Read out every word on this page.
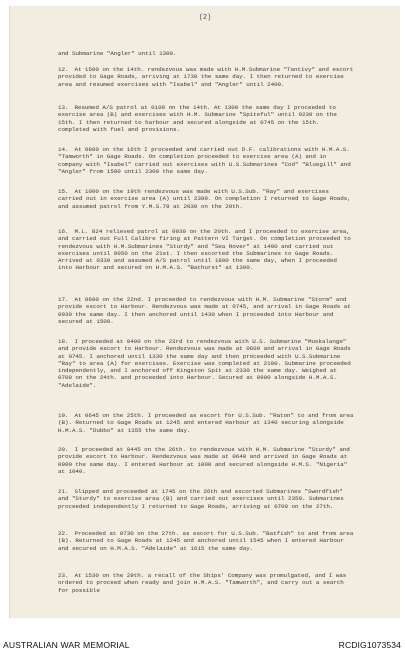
(2)

and Submarine "Angler" until 1300.

12. At 1500 on the 14th. rendezvous was made with H.M.Submarine "Tantivy" and escort provided to Gage Roads, arriving at 1730 the same day. I then returned to exercise area and resumed exercises with "Isabel" and "Angler" until 2400.

13. Resumed A/S patrol at 0100 on the 14th. At 1300 the same day I proceeded to exercise area (B) and exercises with H.M. Submarine "Spiteful" until 0230 on the 15th. I then returned to harbour and secured alongside at 0745 on the 15th. completed with fuel and provisions.

14. At 0800 on the 16th I proceeded and carried out D.F. calibrations with H.M.A.S. "Tamworth" in Gage Roads. On completion proceeded to exercise area (A) and in company with "Isabel" carried out exercises with U.S.Submarines "Cod" "Bluegill" and "Angler" from 1500 until 2300 the same day.

15. At 1000 on the 19th rendezvous was made with U.S.Sub. "Ray" and exercises carried out in exercise area (A) until 2300. On completion I returned to Gage Roads, and assumed patrol from Y.M.S.79 at 2030 on the 20th.

16. M.L. 824 relieved patrol at 0930 on the 20th. and I proceeded to exercise area, and carried out Full Calibre firing at Pattern VI Target. On completion proceeded to rendezvous with H.M.Submarines "Sturdy" and "Sea Rover" at 1400 and carried out exercises until 0050 on the 21st. I then escorted the Submarines to Gage Roads. Arrived at 0330 and assumed A/S patrol until 1800 the same day, when I proceeded into Harbour and secured on H.M.A.S. "Bathurst" at 1300.

17. At 0600 on the 22nd. I proceeded to rendezvous with H.M. Submarine "Storm" and provide escort to Harbour. Rendezvous was made at 0745, and arrival in Gage Roads at 0930 the same day. I then anchored until 1430 when I proceeded into Harbour and secured at 1500.

18. I proceeded at 0400 on the 23rd to rendezvous with U.S. Submarine "Muskalange" and provide escort to Harbour. Rendezvous was made at 0600 and arrival in Gage Roads at 0745. I anchored until 1330 the same day and then proceeded with U.S.Submarine "Ray" to area (A) for exercises. Exercise was completed at 2100. Submarine proceeded independently, and I anchored off Kingston Spit at 2330 the same day. Weighed at 0700 on the 24th. and proceeded into Harbour. Secured at 0900 alongside H.M.A.S. "Adelaide".

19. At 0645 on the 25th. I proceeded as escort for U.S.Sub. "Raton" to and from area (B). Returned to Gage Roads at 1245 and entered Harbour at 1340 securing alongside H.M.A.S. "Dubbo" at 1355 the same day.

20. I proceeded at 0445 on the 26th. to rendezvous with H.M. Submarine "Sturdy" and provide escort to Harbour. Rendezvous was made at 0640 and arrived in Gage Roads at 0900 the same day. I entered Harbour at 1000 and secured alongside H.M.S. "Nigeria" at 1040.

21. Slipped and proceeded at 1745 on the 26th and escorted Submarines "Swordfish" and "Sturdy" to exercise area (B) and carried out exercises until 2359. Submarines proceeded independently I returned to Gage Roads, arriving at 0700 on the 27th.

22. Proceeded at 0730 on the 27th. as escort for U.S.Sub. "Batfish" to and from area (B). Returned to Gage Roads at 1245 and anchored until 1545 when I entered Harbour and secured on H.M.A.S. "Adelaide" at 1615 the same day.

23. At 1530 on the 29th. a recall of the Ships' Company was promulgated, and I was ordered to proceed when ready and join H.M.A.S. "Tamworth", and carry out a search for possible

AUSTRALIAN WAR MEMORIAL	RCDIG1073534
